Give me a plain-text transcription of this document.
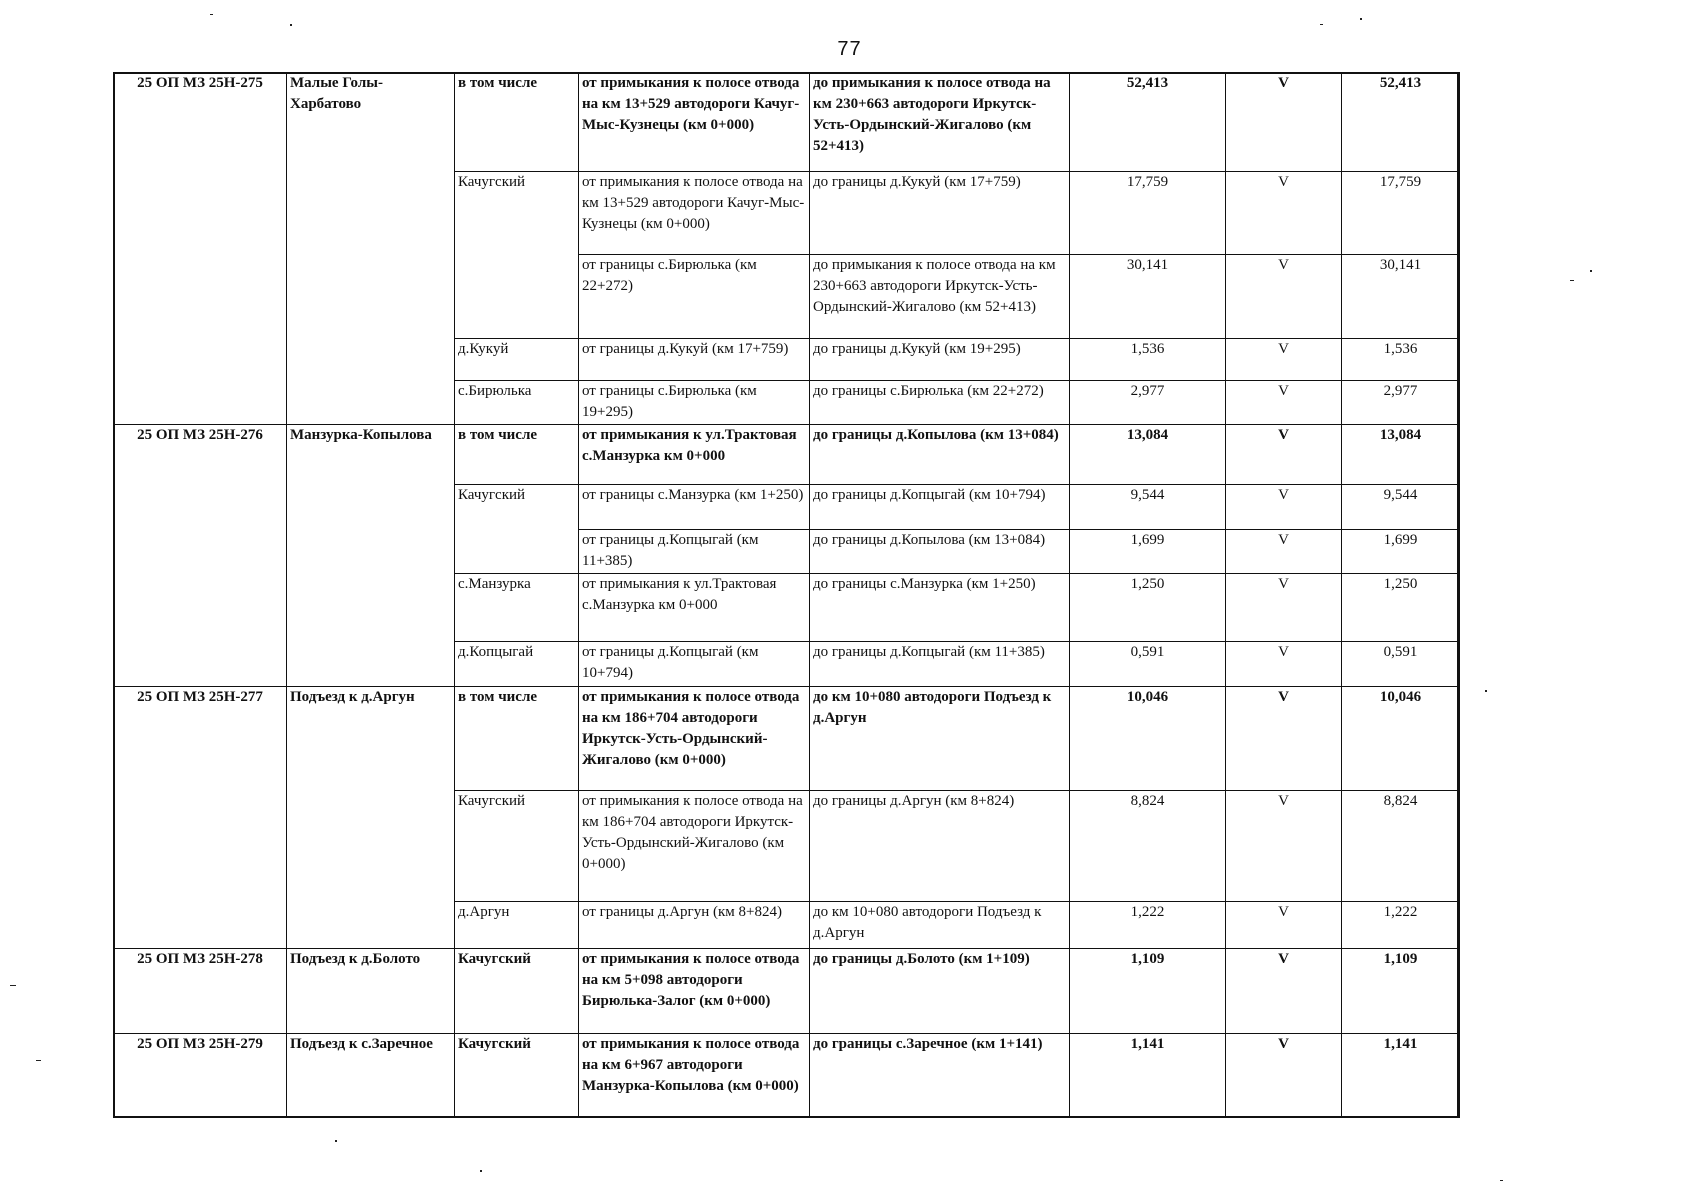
77
25 ОП МЗ 25Н-275	Малые Голы-Харбатово	в том числе	от примыкания к полосе отвода на км 13+529 автодороги Качуг-Мыс-Кузнецы (км 0+000)	до примыкания к полосе отвода на км 230+663 автодороги Иркутск-Усть-Ордынский-Жигалово (км 52+413)	52,413	V	52,413
		Качугский	от примыкания к полосе отвода на км 13+529 автодороги Качуг-Мыс-Кузнецы (км 0+000)	до границы д.Кукуй (км 17+759)	17,759	V	17,759
			от границы с.Бирюлька (км 22+272)	до примыкания к полосе отвода на км 230+663 автодороги Иркутск-Усть-Ордынский-Жигалово (км 52+413)	30,141	V	30,141
		д.Кукуй	от границы д.Кукуй (км 17+759)	до границы д.Кукуй (км 19+295)	1,536	V	1,536
		с.Бирюлька	от границы с.Бирюлька (км 19+295)	до границы с.Бирюлька (км 22+272)	2,977	V	2,977
25 ОП МЗ 25Н-276	Манзурка-Копылова	в том числе	от примыкания к ул.Трактовая с.Манзурка км 0+000	до границы д.Копылова (км 13+084)	13,084	V	13,084
		Качугский	от границы с.Манзурка (км 1+250)	до границы д.Копцыгай (км 10+794)	9,544	V	9,544
			от границы д.Копцыгай (км 11+385)	до границы д.Копылова (км 13+084)	1,699	V	1,699
		с.Манзурка	от примыкания к ул.Трактовая с.Манзурка км 0+000	до границы с.Манзурка (км 1+250)	1,250	V	1,250
		д.Копцыгай	от границы д.Копцыгай (км 10+794)	до границы д.Копцыгай (км 11+385)	0,591	V	0,591
25 ОП МЗ 25Н-277	Подъезд к д.Аргун	в том числе	от примыкания к полосе отвода на км 186+704 автодороги Иркутск-Усть-Ордынский-Жигалово (км 0+000)	до км 10+080 автодороги Подъезд к д.Аргун	10,046	V	10,046
		Качугский	от примыкания к полосе отвода на км 186+704 автодороги Иркутск-Усть-Ордынский-Жигалово (км 0+000)	до границы д.Аргун (км 8+824)	8,824	V	8,824
		д.Аргун	от границы д.Аргун (км 8+824)	до км 10+080 автодороги Подъезд к д.Аргун	1,222	V	1,222
25 ОП МЗ 25Н-278	Подъезд к д.Болото	Качугский	от примыкания к полосе отвода на км 5+098 автодороги Бирюлька-Залог (км 0+000)	до границы д.Болото (км 1+109)	1,109	V	1,109
25 ОП МЗ 25Н-279	Подъезд к с.Заречное	Качугский	от примыкания к полосе отвода на км 6+967 автодороги Манзурка-Копылова (км 0+000)	до границы с.Заречное (км 1+141)	1,141	V	1,141
